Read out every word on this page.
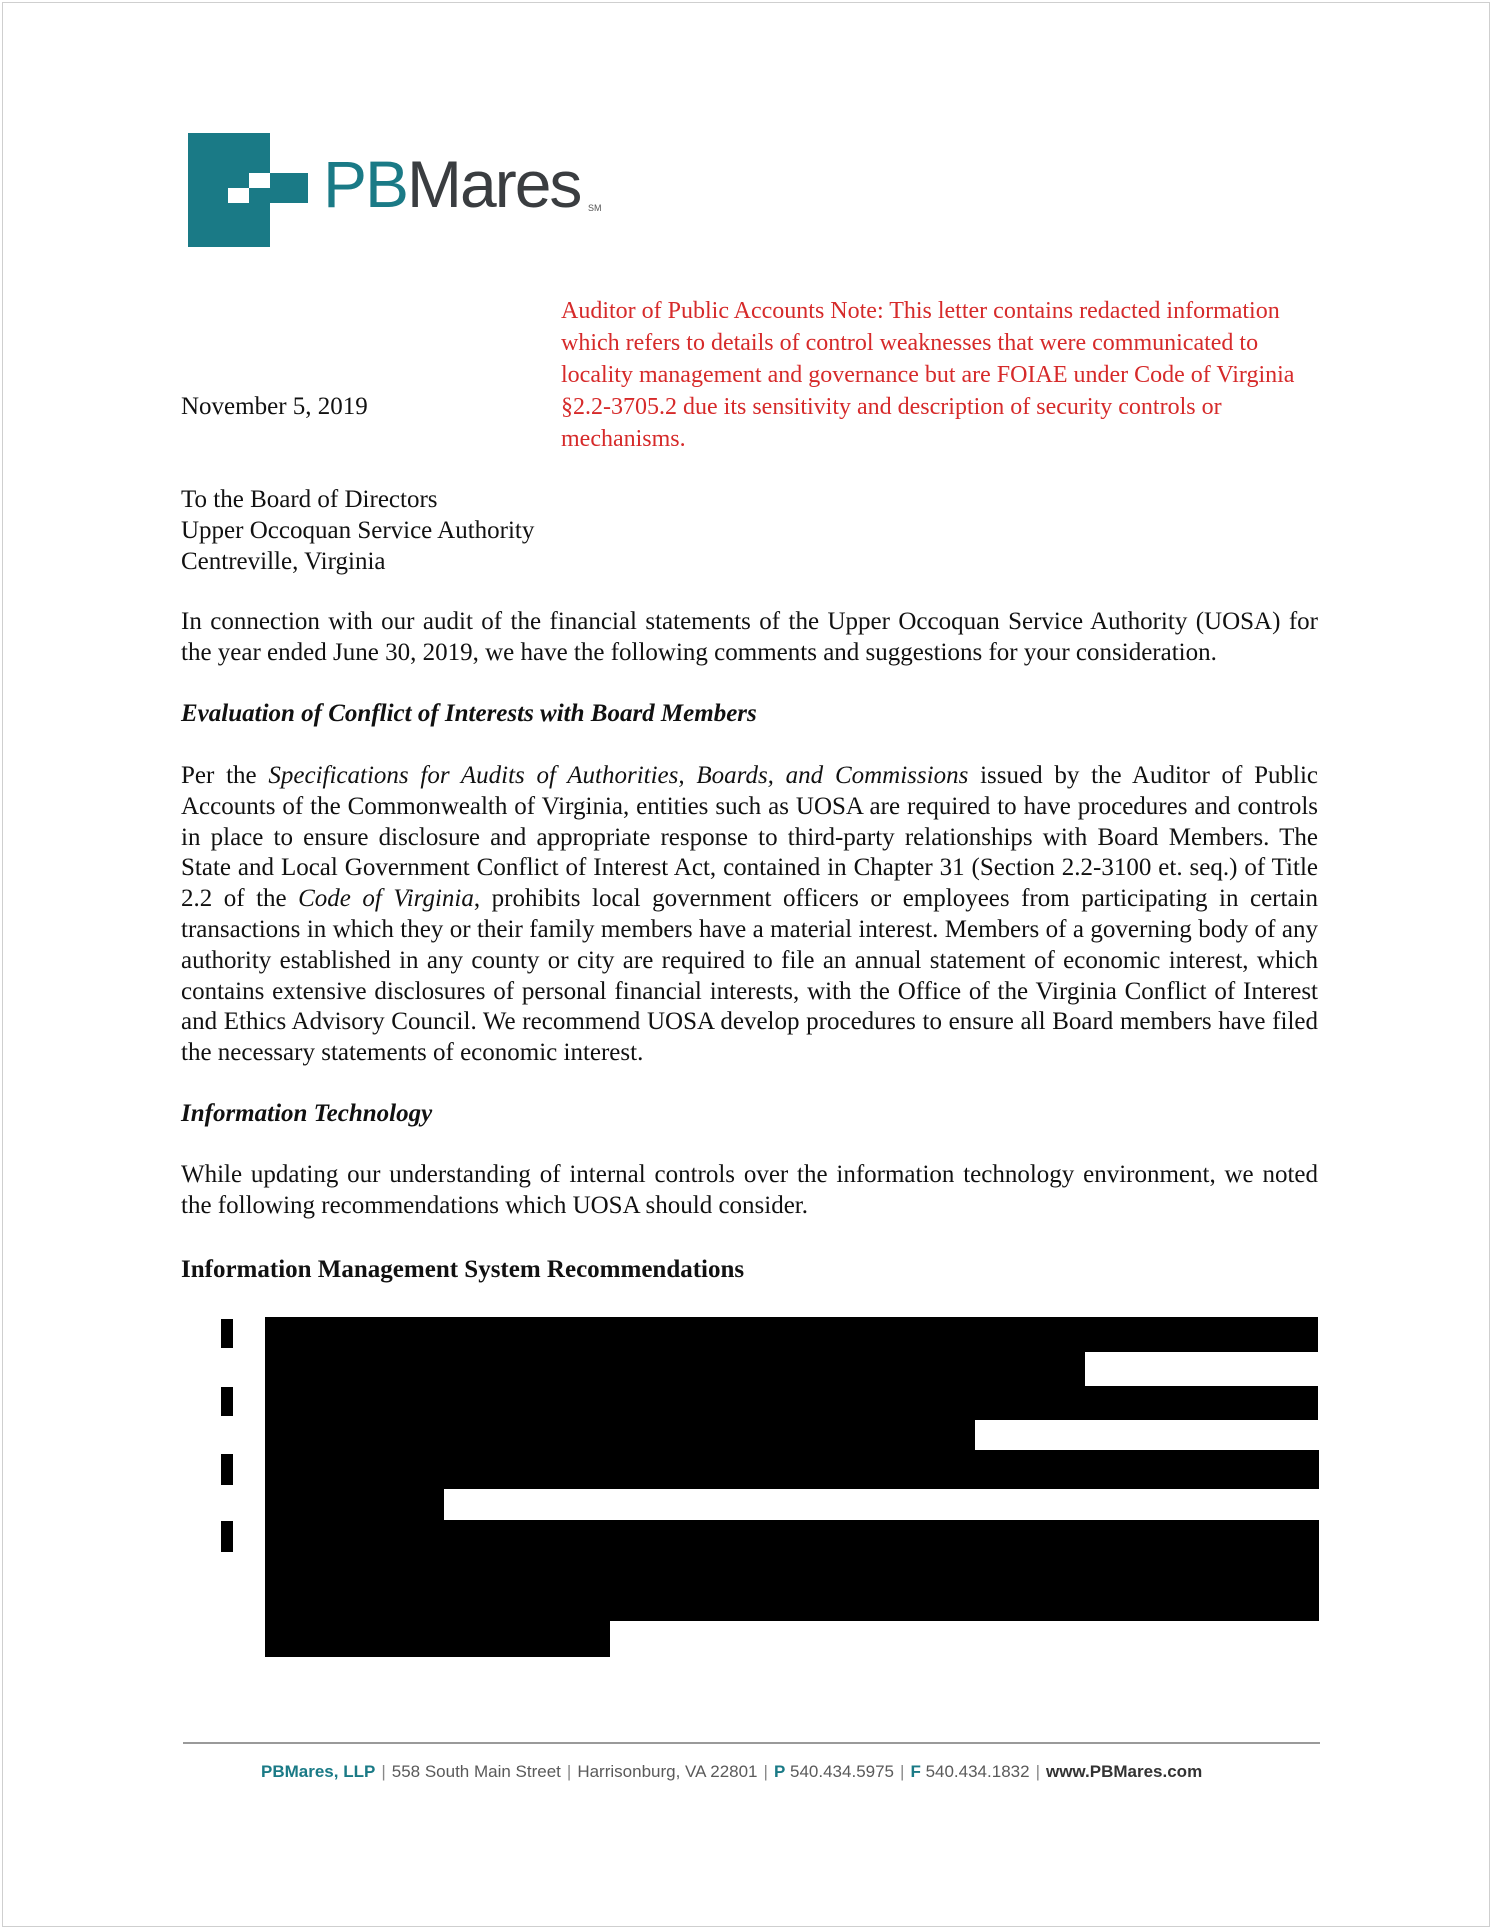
PBMares SM
Auditor of Public Accounts Note: This letter contains redacted information which refers to details of control weaknesses that were communicated to locality management and governance but are FOIAE under Code of Virginia §2.2-3705.2 due its sensitivity and description of security controls or mechanisms.
November 5, 2019
To the Board of Directors
Upper Occoquan Service Authority
Centreville, Virginia
In connection with our audit of the financial statements of the Upper Occoquan Service Authority (UOSA) for the year ended June 30, 2019, we have the following comments and suggestions for your consideration.
Evaluation of Conflict of Interests with Board Members
Per the Specifications for Audits of Authorities, Boards, and Commissions issued by the Auditor of Public Accounts of the Commonwealth of Virginia, entities such as UOSA are required to have procedures and controls in place to ensure disclosure and appropriate response to third-party relationships with Board Members. The State and Local Government Conflict of Interest Act, contained in Chapter 31 (Section 2.2-3100 et. seq.) of Title 2.2 of the Code of Virginia, prohibits local government officers or employees from participating in certain transactions in which they or their family members have a material interest. Members of a governing body of any authority established in any county or city are required to file an annual statement of economic interest, which contains extensive disclosures of personal financial interests, with the Office of the Virginia Conflict of Interest and Ethics Advisory Council. We recommend UOSA develop procedures to ensure all Board members have filed the necessary statements of economic interest.
Information Technology
While updating our understanding of internal controls over the information technology environment, we noted the following recommendations which UOSA should consider.
Information Management System Recommendations
PBMares, LLP | 558 South Main Street | Harrisonburg, VA 22801 | P 540.434.5975 | F 540.434.1832 | www.PBMares.com
